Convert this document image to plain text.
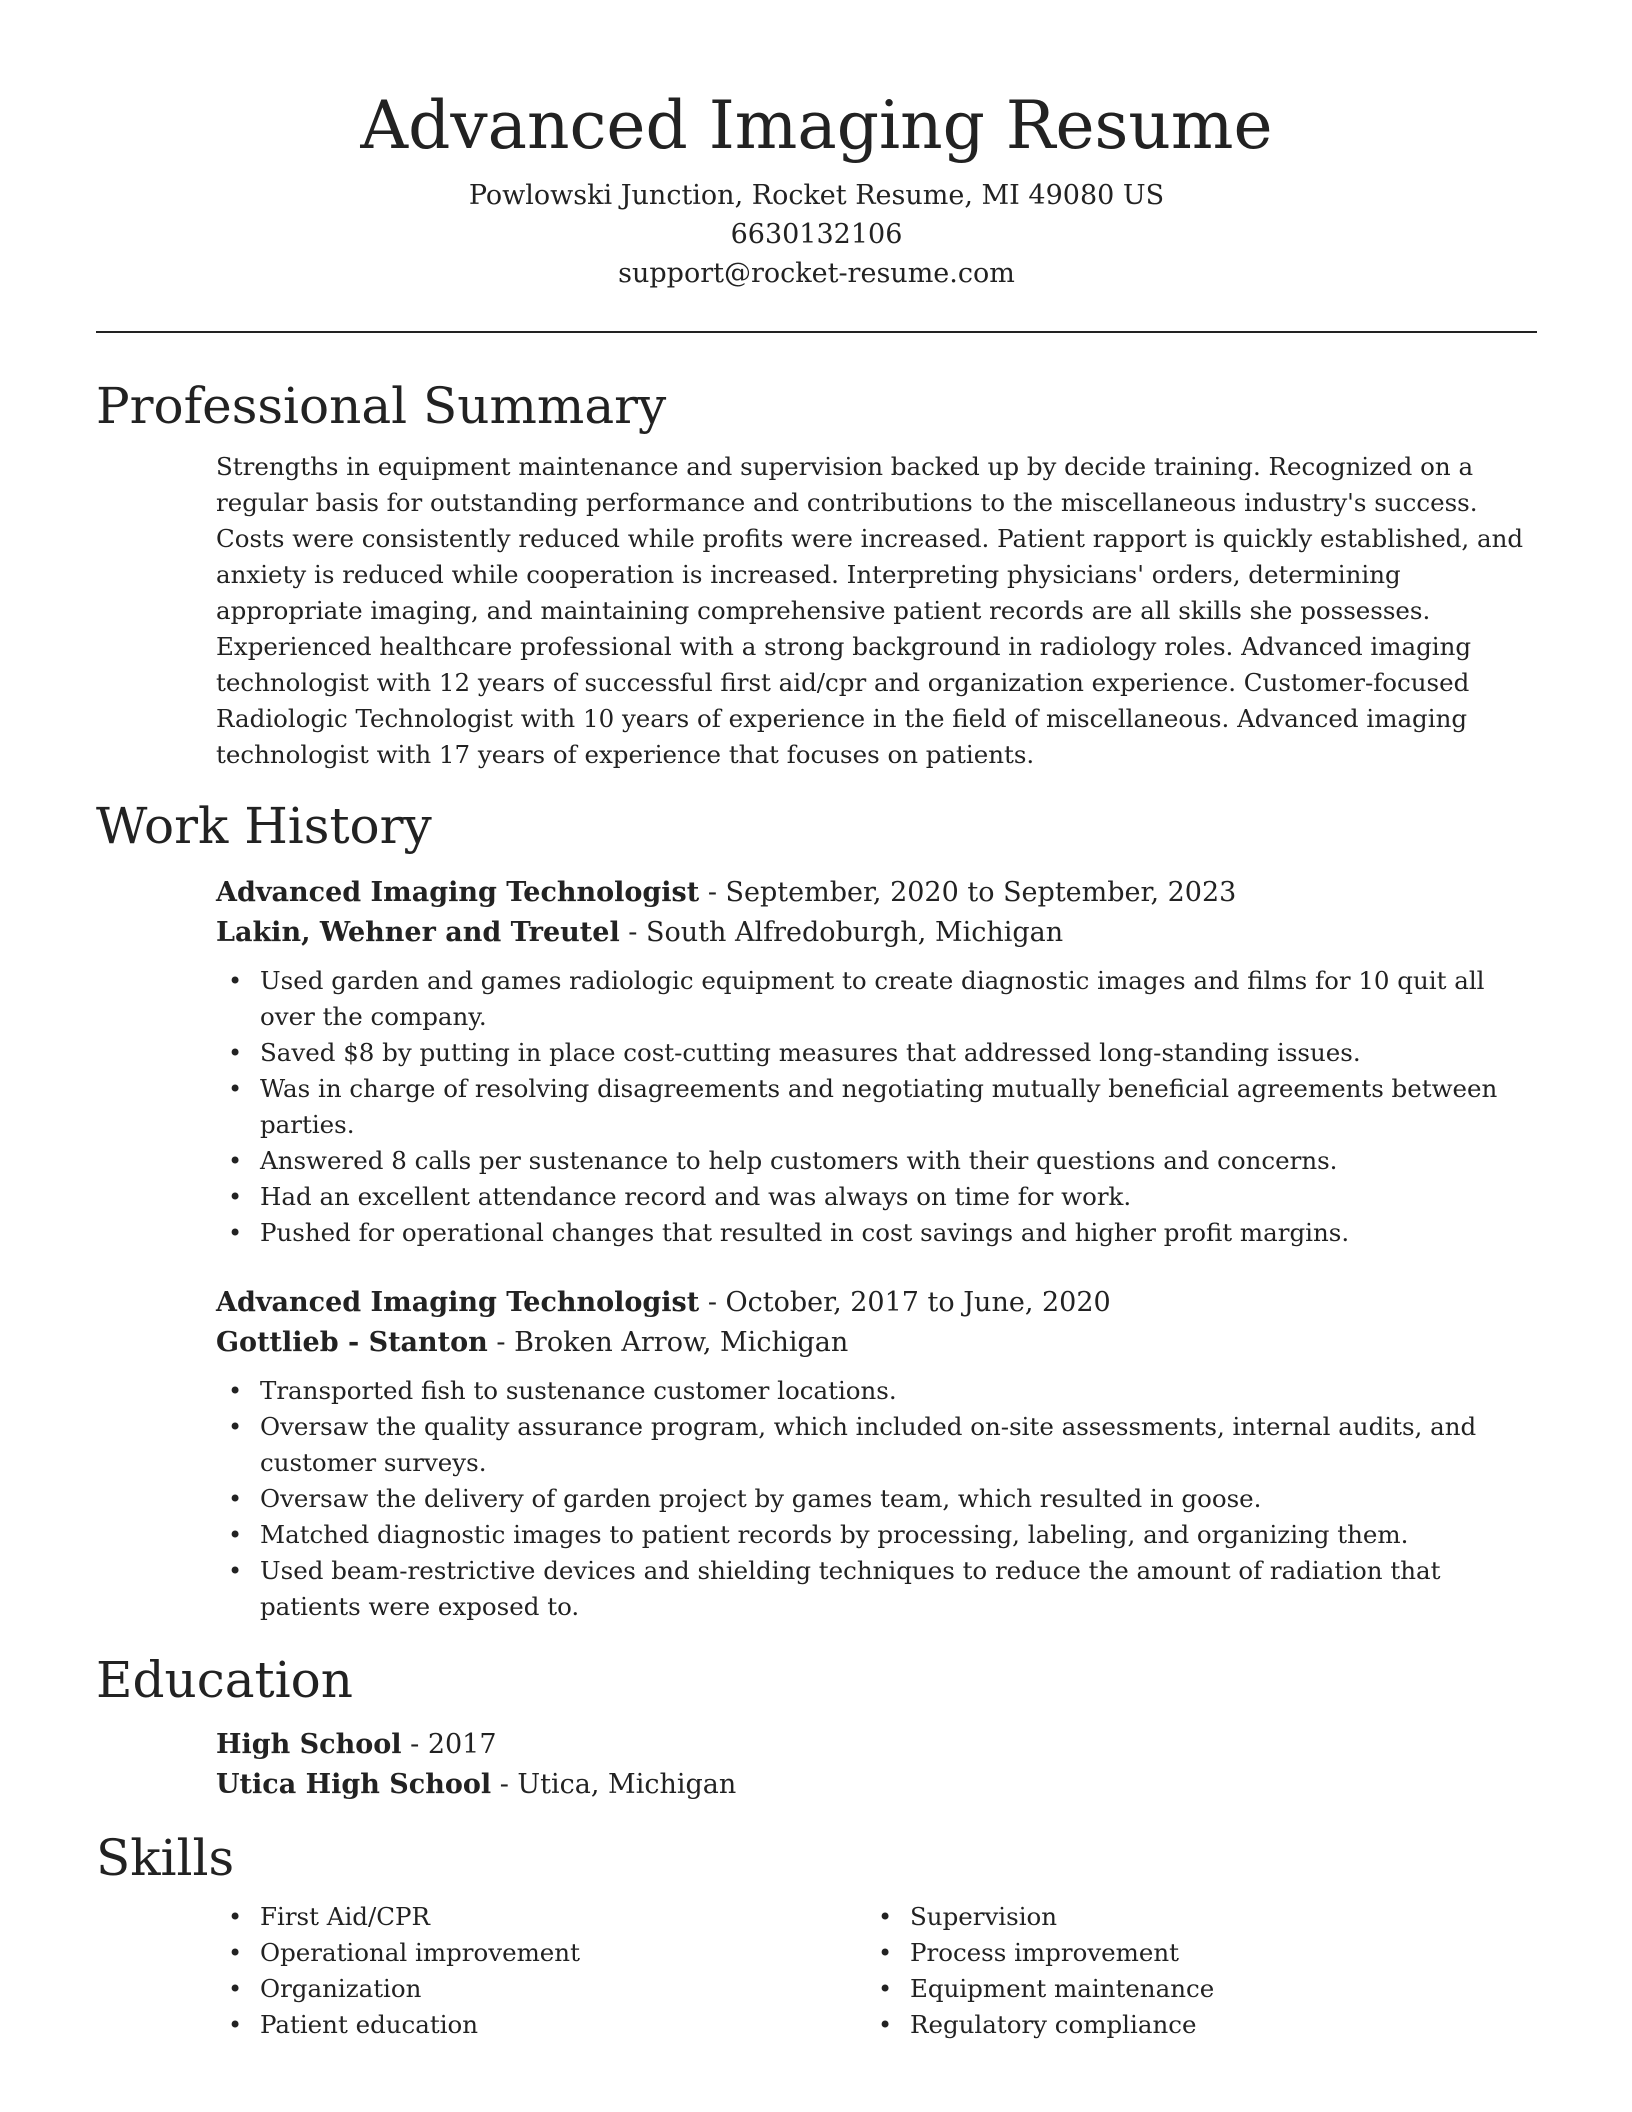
Advanced Imaging Resume

Powlowski Junction, Rocket Resume, MI 49080 US

6630132106

support@rocket-resume.com

Professional Summary

Strengths in equipment maintenance and supervision backed up by decide training. Recognized on a regular basis for outstanding performance and contributions to the miscellaneous industry's success. Costs were consistently reduced while profits were increased. Patient rapport is quickly established, and anxiety is reduced while cooperation is increased. Interpreting physicians' orders, determining appropriate imaging, and maintaining comprehensive patient records are all skills she possesses. Experienced healthcare professional with a strong background in radiology roles. Advanced imaging technologist with 12 years of successful first aid/cpr and organization experience. Customer-focused Radiologic Technologist with 10 years of experience in the field of miscellaneous. Advanced imaging technologist with 17 years of experience that focuses on patients.

Work History

Advanced Imaging Technologist - September, 2020 to September, 2023

Lakin, Wehner and Treutel - South Alfredoburgh, Michigan

• Used garden and games radiologic equipment to create diagnostic images and films for 10 quit all over the company.
• Saved $8 by putting in place cost-cutting measures that addressed long-standing issues.
• Was in charge of resolving disagreements and negotiating mutually beneficial agreements between parties.
• Answered 8 calls per sustenance to help customers with their questions and concerns.
• Had an excellent attendance record and was always on time for work.
• Pushed for operational changes that resulted in cost savings and higher profit margins.

Advanced Imaging Technologist - October, 2017 to June, 2020

Gottlieb - Stanton - Broken Arrow, Michigan

• Transported fish to sustenance customer locations.
• Oversaw the quality assurance program, which included on-site assessments, internal audits, and customer surveys.
• Oversaw the delivery of garden project by games team, which resulted in goose.
• Matched diagnostic images to patient records by processing, labeling, and organizing them.
• Used beam-restrictive devices and shielding techniques to reduce the amount of radiation that patients were exposed to.
Education

High School - 2017

Utica High School - Utica, Michigan

Skills
• First Aid/CPR
• Operational improvement
• Organization
• Patient education
• Supervision
• Process improvement
• Equipment maintenance
• Regulatory compliance
